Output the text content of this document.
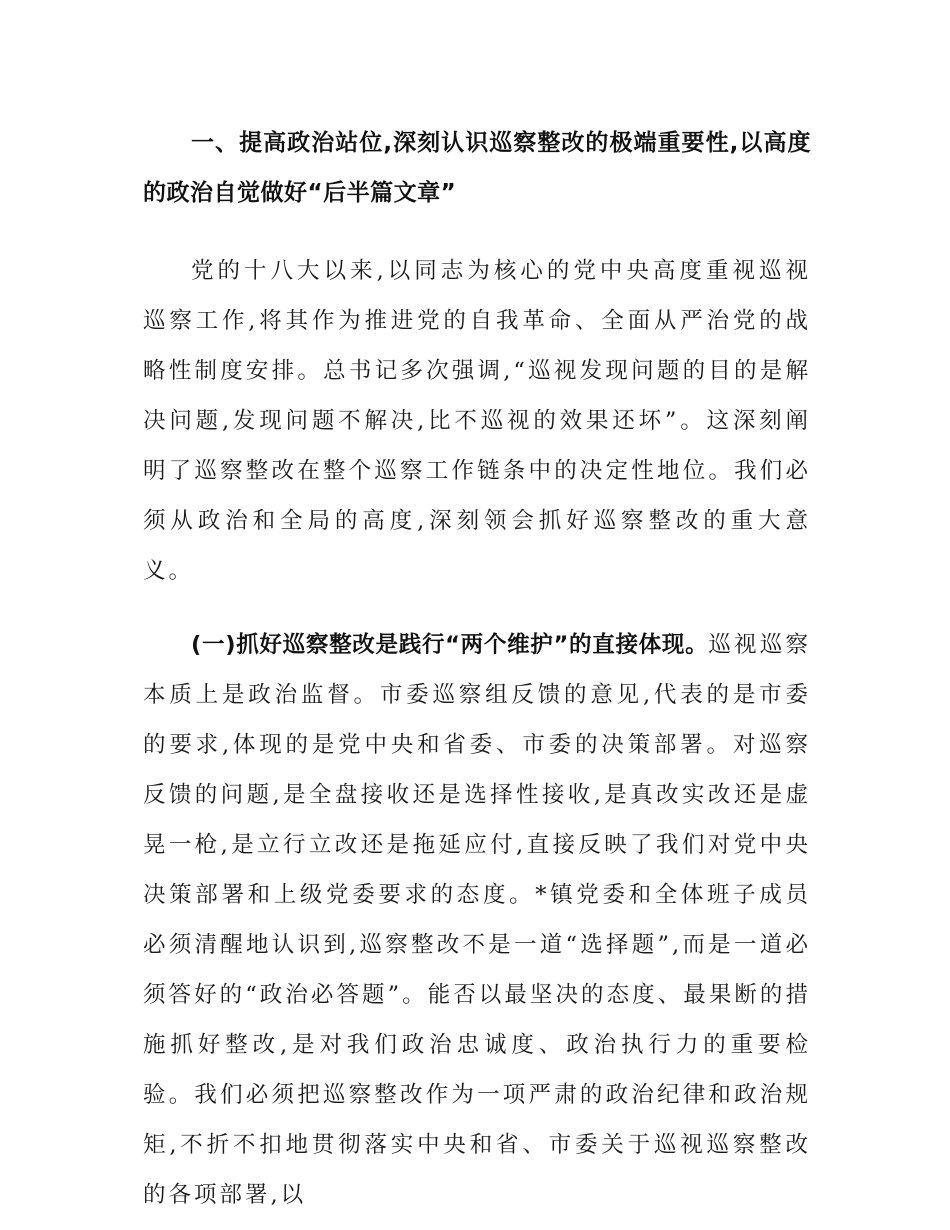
一、提高政治站位,深刻认识巡察整改的极端重要性,以高度的政治自觉做好“后半篇文章”

党的十八大以来,以同志为核心的党中央高度重视巡视巡察工作,将其作为推进党的自我革命、全面从严治党的战略性制度安排。总书记多次强调,“巡视发现问题的目的是解决问题,发现问题不解决,比不巡视的效果还坏”。这深刻阐明了巡察整改在整个巡察工作链条中的决定性地位。我们必须从政治和全局的高度,深刻领会抓好巡察整改的重大意义。

(一)抓好巡察整改是践行“两个维护”的直接体现。巡视巡察本质上是政治监督。市委巡察组反馈的意见,代表的是市委的要求,体现的是党中央和省委、市委的决策部署。对巡察反馈的问题,是全盘接收还是选择性接收,是真改实改还是虚晃一枪,是立行立改还是拖延应付,直接反映了我们对党中央决策部署和上级党委要求的态度。*镇党委和全体班子成员必须清醒地认识到,巡察整改不是一道“选择题”,而是一道必须答好的“政治必答题”。能否以最坚决的态度、最果断的措施抓好整改,是对我们政治忠诚度、政治执行力的重要检验。我们必须把巡察整改作为一项严肃的政治纪律和政治规矩,不折不扣地贯彻落实中央和省、市委关于巡视巡察整改的各项部署,以
